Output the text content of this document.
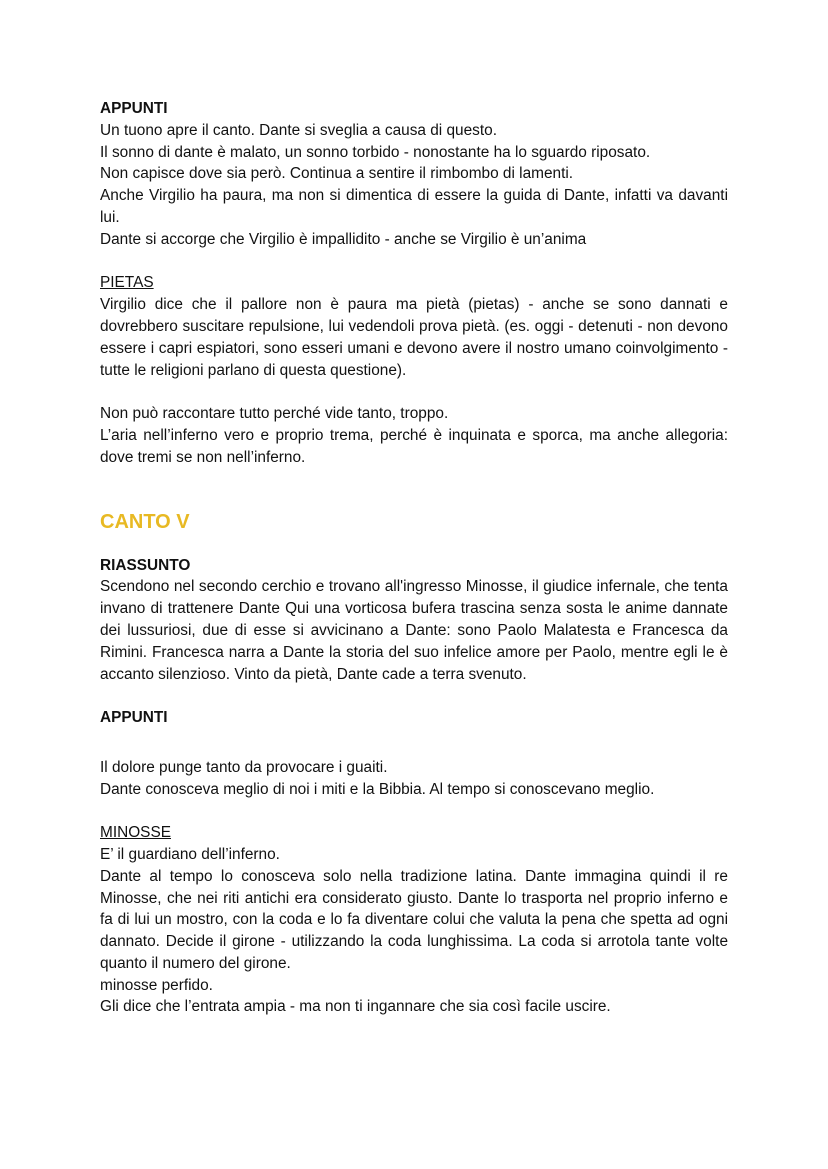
APPUNTI

Un tuono apre il canto. Dante si sveglia a causa di questo.

Il sonno di dante è malato, un sonno torbido - nonostante ha lo sguardo riposato.

Non capisce dove sia però. Continua a sentire il rimbombo di lamenti.

Anche Virgilio ha paura, ma non si dimentica di essere la guida di Dante, infatti va davanti lui.

Dante si accorge che Virgilio è impallidito - anche se Virgilio è un’anima

PIETAS

Virgilio dice che il pallore non è paura ma pietà (pietas) - anche se sono dannati e dovrebbero suscitare repulsione, lui vedendoli prova pietà. (es. oggi - detenuti - non devono essere i capri espiatori, sono esseri umani e devono avere il nostro umano coinvolgimento - tutte le religioni parlano di questa questione).

Non può raccontare tutto perché vide tanto, troppo.

L’aria nell’inferno vero e proprio trema, perché è inquinata e sporca, ma anche allegoria: dove tremi se non nell’inferno.

CANTO V

RIASSUNTO

Scendono nel secondo cerchio e trovano all'ingresso Minosse, il giudice infernale, che tenta invano di trattenere Dante Qui una vorticosa bufera trascina senza sosta le anime dannate dei lussuriosi, due di esse si avvicinano a Dante: sono Paolo Malatesta e Francesca da Rimini. Francesca narra a Dante la storia del suo infelice amore per Paolo, mentre egli le è accanto silenzioso. Vinto da pietà, Dante cade a terra svenuto.

APPUNTI

Il dolore punge tanto da provocare i guaiti.

Dante conosceva meglio di noi i miti e la Bibbia. Al tempo si conoscevano meglio.

MINOSSE

E’ il guardiano dell’inferno.

Dante al tempo lo conosceva solo nella tradizione latina. Dante immagina quindi il re Minosse, che nei riti antichi era considerato giusto. Dante lo trasporta nel proprio inferno e fa di lui un mostro, con la coda e lo fa diventare colui che valuta la pena che spetta ad ogni dannato. Decide il girone - utilizzando la coda lunghissima. La coda si arrotola tante volte quanto il numero del girone.

minosse perfido.

Gli dice che l’entrata ampia - ma non ti ingannare che sia così facile uscire.
